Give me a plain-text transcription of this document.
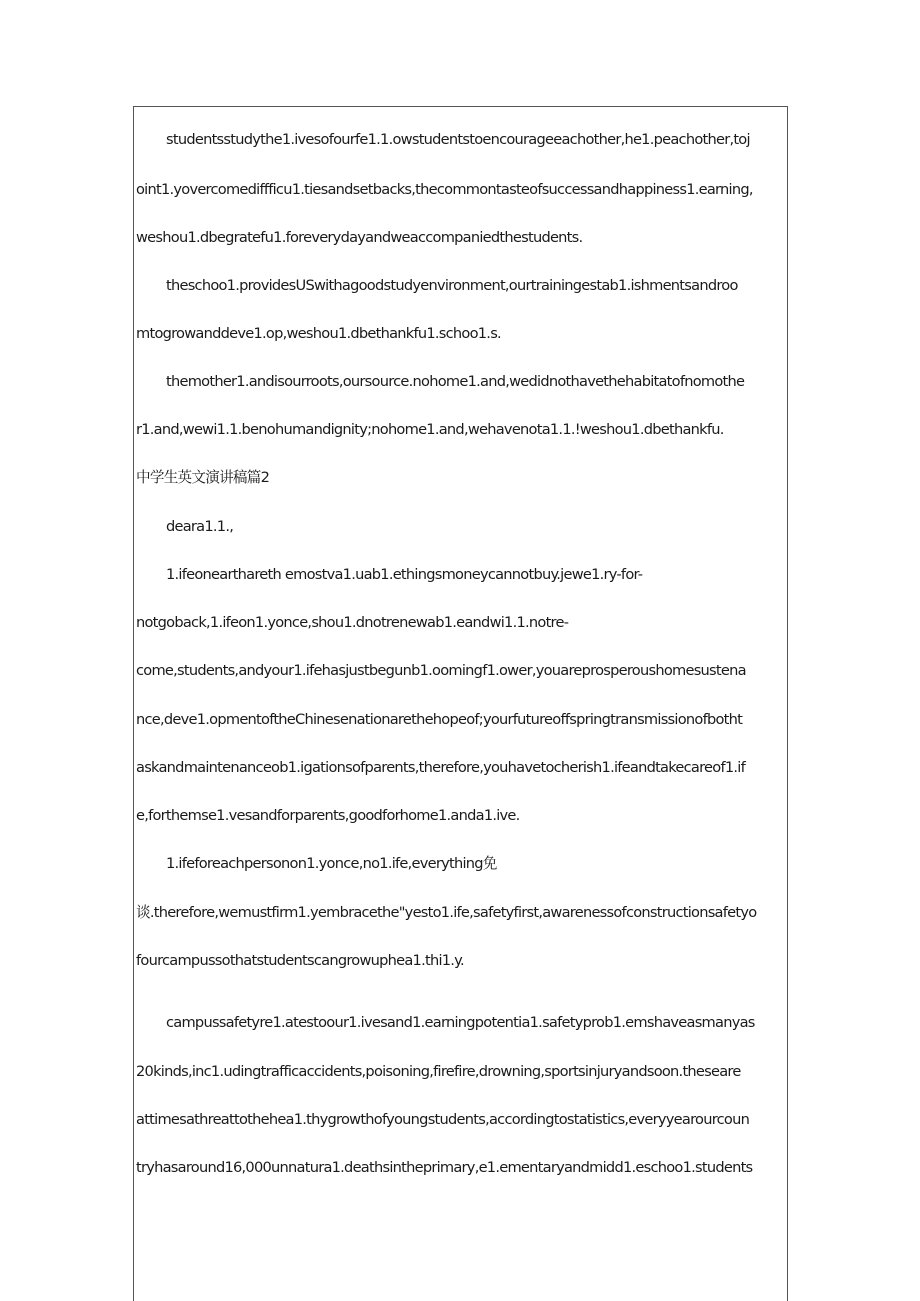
studentsstudythe1.ivesofourfe1.1.owstudentstoencourageeachother,he1.peachother,toj
oint1.yovercomediffficu1.tiesandsetbacks,thecommontasteofsuccessandhappiness1.earning,
weshou1.dbegratefu1.foreverydayandweaccompaniedthestudents.
theschoo1.providesUSwithagoodstudyenvironment,ourtrainingestab1.ishmentsandroo
mtogrowanddeve1.op,weshou1.dbethankfu1.schoo1.s.
themother1.andisourroots,oursource.nohome1.and,wedidnothavethehabitatofnomothe
r1.and,wewi1.1.benohumandignity;nohome1.and,wehavenota1.1.!weshou1.dbethankfu.
中学生英文演讲稿篇2
deara1.1.,
1.ifeonearthareth emostva1.uab1.ethingsmoneycannotbuy.jewe1.ry-for-
notgoback,1.ifeon1.yonce,shou1.dnotrenewab1.eandwi1.1.notre-
come,students,andyour1.ifehasjustbegunb1.oomingf1.ower,youareprosperoushomesustena
nce,deve1.opmentoftheChinesenationarethehopeof;yourfutureoffspringtransmissionofbotht
askandmaintenanceob1.igationsofparents,therefore,youhavetocherish1.ifeandtakecareof1.if
e,forthemse1.vesandforparents,goodforhome1.anda1.ive.
1.ifeforeachpersonon1.yonce,no1.ife,everything免
谈.therefore,wemustfirm1.yembracethe"yesto1.ife,safetyfirst,awarenessofconstructionsafetyo
fourcampussothatstudentscangrowuphea1.thi1.y.
campussafetyre1.atestoour1.ivesand1.earningpotentia1.safetyprob1.emshaveasmanyas
20kinds,inc1.udingtrafficaccidents,poisoning,firefire,drowning,sportsinjuryandsoon.theseare
attimesathreattothehea1.thygrowthofyoungstudents,accordingtostatistics,everyyearourcoun
tryhasaround16,000unnatura1.deathsintheprimary,e1.ementaryandmidd1.eschoo1.students
